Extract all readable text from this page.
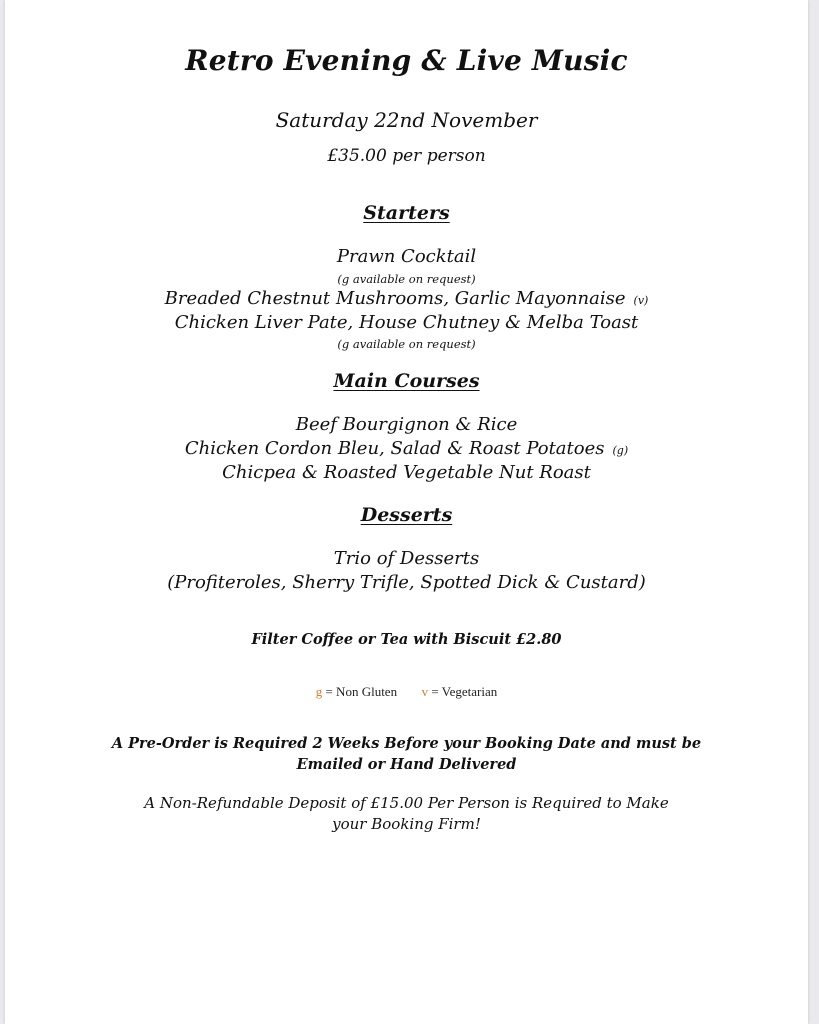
Retro Evening & Live Music
Saturday 22nd November
£35.00 per person
Starters
Prawn Cocktail
(g available on request)
Breaded Chestnut Mushrooms, Garlic Mayonnaise (v)
Chicken Liver Pate, House Chutney & Melba Toast
(g available on request)
Main Courses
Beef Bourgignon & Rice
Chicken Cordon Bleu, Salad & Roast Potatoes (g)
Chicpea & Roasted Vegetable Nut Roast
Desserts
Trio of Desserts
(Profiteroles, Sherry Trifle, Spotted Dick & Custard)
Filter Coffee or Tea with Biscuit £2.80
g = Non Gluten v = Vegetarian
A Pre-Order is Required 2 Weeks Before your Booking Date and must be
Emailed or Hand Delivered
A Non-Refundable Deposit of £15.00 Per Person is Required to Make
your Booking Firm!
